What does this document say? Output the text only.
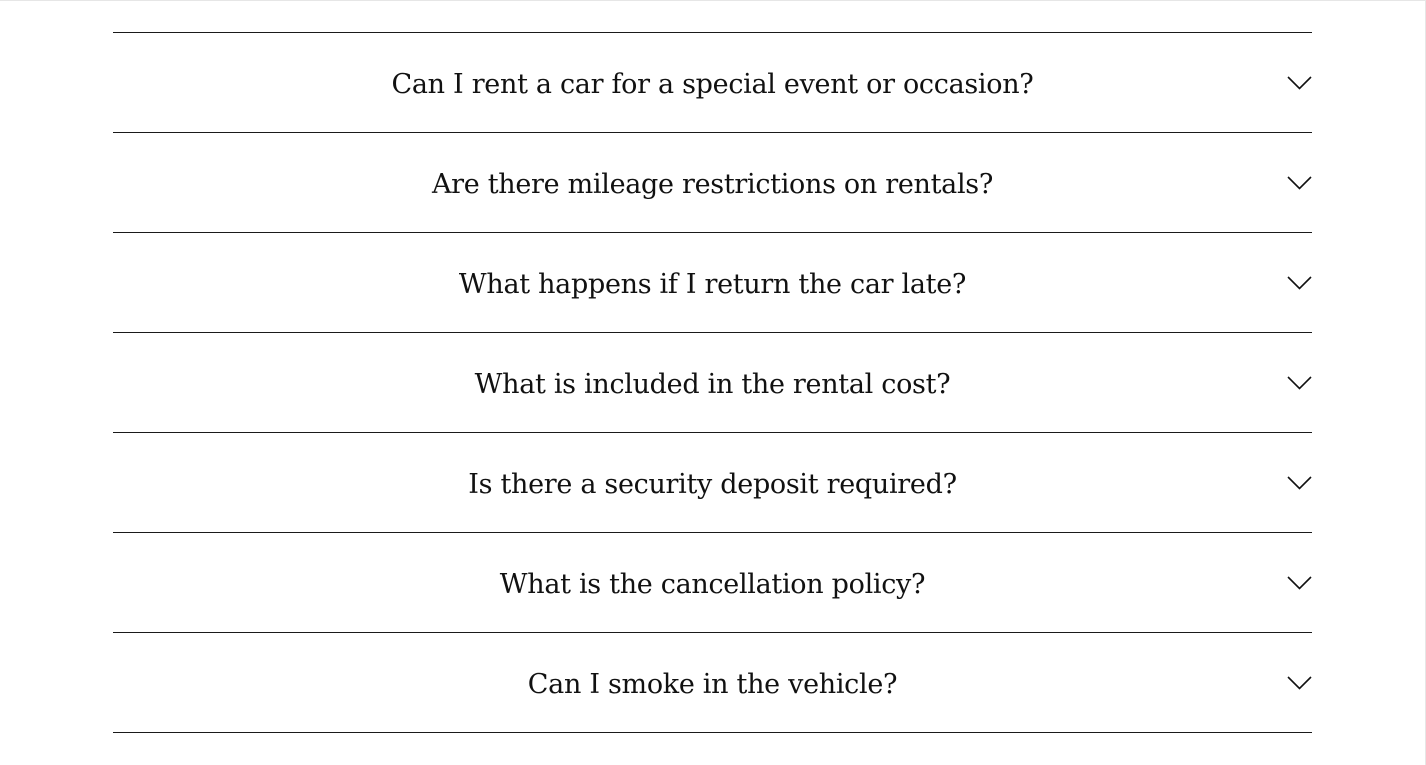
Can I rent a car for a special event or occasion?
Are there mileage restrictions on rentals?
What happens if I return the car late?
What is included in the rental cost?
Is there a security deposit required?
What is the cancellation policy?
Can I smoke in the vehicle?
